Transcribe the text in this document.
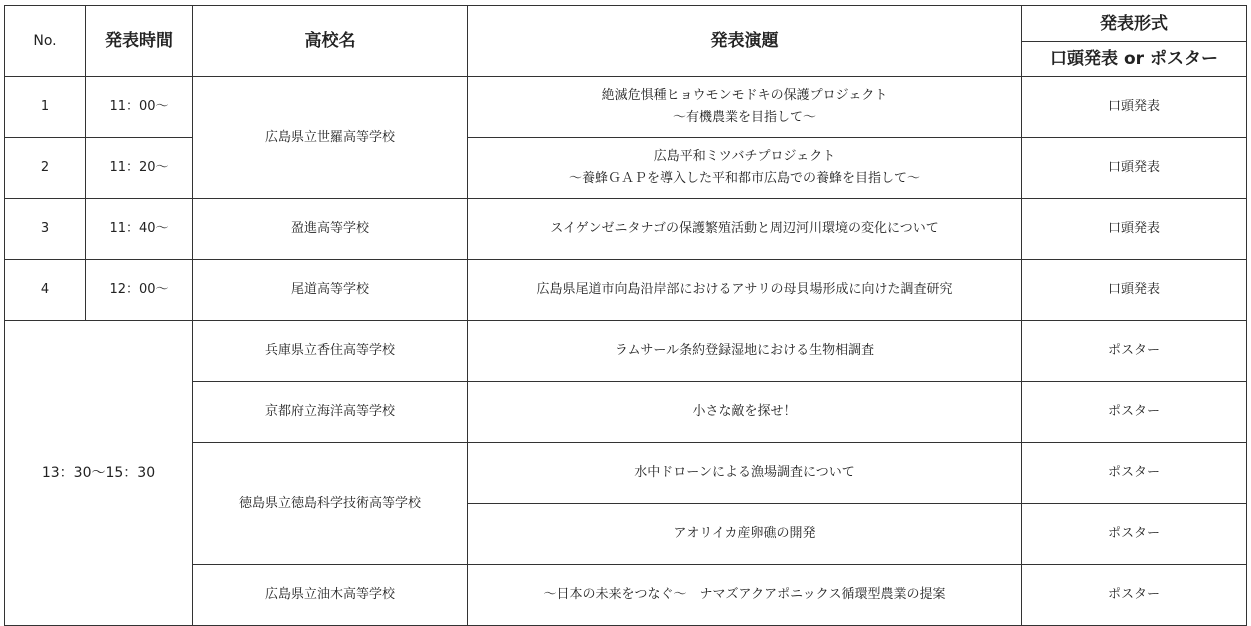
No.	発表時間	高校名	発表演題	発表形式
				口頭発表 or ポスター
1	11：00〜	広島県立世羅高等学校	絶滅危惧種ヒョウモンモドキの保護プロジェクト
〜有機農業を目指して〜	口頭発表
2	11：20〜		広島平和ミツバチプロジェクト
〜養蜂ＧＡＰを導入した平和都市広島での養蜂を目指して〜	口頭発表
3	11：40〜	盈進高等学校	スイゲンゼニタナゴの保護繁殖活動と周辺河川環境の変化について	口頭発表
4	12：00〜	尾道高等学校	広島県尾道市向島沿岸部におけるアサリの母貝場形成に向けた調査研究	口頭発表
13：30〜15：30		兵庫県立香住高等学校	ラムサール条約登録湿地における生物相調査	ポスター
		京都府立海洋高等学校	小さな敵を探せ！	ポスター
		徳島県立徳島科学技術高等学校	水中ドローンによる漁場調査について	ポスター
			アオリイカ産卵礁の開発	ポスター
		広島県立油木高等学校	〜日本の未来をつなぐ〜　ナマズアクアポニックス循環型農業の提案	ポスター
